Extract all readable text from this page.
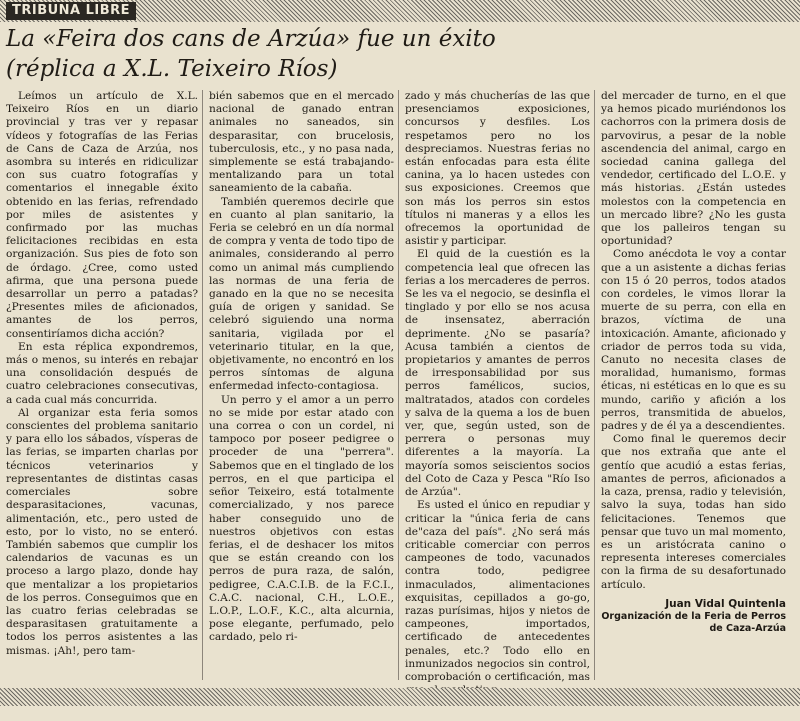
TRIBUNA LIBRE
La «Feira dos cans de Arzúa» fue un éxito
(réplica a X.L. Teixeiro Ríos)

Leímos un artículo de X.L. Teixeiro Ríos en un diario provincial y tras ver y repasar vídeos y fotografías de las Ferias de Cans de Caza de Arzúa, nos asombra su interés en ridiculizar con sus cuatro fotografías y comentarios el innegable éxito obtenido en las ferias, refrendado por miles de asistentes y confirmado por las muchas felicitaciones recibidas en esta organización. Sus pies de foto son de órdago. ¿Cree, como usted afirma, que una persona puede desarrollar un perro a patadas? ¿Presentes miles de aficionados, amantes de los perros, consentiríamos dicha acción?

En esta réplica expondremos, más o menos, su interés en rebajar una consolidación después de cuatro celebraciones consecutivas, a cada cual más concurrida.

Al organizar esta feria somos conscientes del problema sanitario y para ello los sábados, vísperas de las ferias, se imparten charlas por técnicos veterinarios y representantes de distintas casas comerciales sobre desparasitaciones, vacunas, alimentación, etc., pero usted de esto, por lo visto, no se enteró. También sabemos que cumplir los calendarios de vacunas es un proceso a largo plazo, donde hay que mentalizar a los propietarios de los perros. Conseguimos que en las cuatro ferias celebradas se desparasitasen gratuitamente a todos los perros asistentes a las mismas. ¡Ah!, pero tam-

bién sabemos que en el mercado nacional de ganado entran animales no saneados, sin desparasitar, con brucelosis, tuberculosis, etc., y no pasa nada, simplemente se está trabajando-mentalizando para un total saneamiento de la cabaña.

También queremos decirle que en cuanto al plan sanitario, la Feria se celebró en un día normal de compra y venta de todo tipo de animales, considerando al perro como un animal más cumpliendo las normas de una feria de ganado en la que no se necesita guía de origen y sanidad. Se celebró siguiendo una norma sanitaria, vigilada por el veterinario titular, en la que, objetivamente, no encontró en los perros síntomas de alguna enfermedad infecto-contagiosa.

Un perro y el amor a un perro no se mide por estar atado con una correa o con un cordel, ni tampoco por poseer pedigree o proceder de una "perrera". Sabemos que en el tinglado de los perros, en el que participa el señor Teixeiro, está totalmente comercializado, y nos parece haber conseguido uno de nuestros objetivos con estas ferias, el de deshacer los mitos que se están creando con los perros de pura raza, de salón, pedigree, C.A.C.I.B. de la F.C.I., C.A.C. nacional, C.H., L.O.E., L.O.P., L.O.F., K.C., alta alcurnia, pose elegante, perfumado, pelo cardado, pelo ri-

zado y más chucherías de las que presenciamos exposiciones, concursos y desfiles. Los respetamos pero no los despreciamos. Nuestras ferias no están enfocadas para esta élite canina, ya lo hacen ustedes con sus exposiciones. Creemos que son más los perros sin estos títulos ni maneras y a ellos les ofrecemos la oportunidad de asistir y participar.

El quid de la cuestión es la competencia leal que ofrecen las ferias a los mercaderes de perros. Se les va el negocio, se desinfla el tinglado y por ello se nos acusa de insensatez, aberración deprimente. ¿No se pasaría? Acusa también a cientos de propietarios y amantes de perros de irresponsabilidad por sus perros famélicos, sucios, maltratados, atados con cordeles y salva de la quema a los de buen ver, que, según usted, son de perrera o personas muy diferentes a la mayoría. La mayoría somos seiscientos socios del Coto de Caza y Pesca "Río Iso de Arzúa".

Es usted el único en repudiar y criticar la "única feria de cans de"caza del país". ¿No será más criticable comerciar con perros campeones de todo, vacunados contra todo, pedigree inmaculados, alimentaciones exquisitas, cepillados a go-go, razas purísimas, hijos y nietos de campeones, importados, certificado de antecedentes penales, etc.? Todo ello en inmunizados negocios sin control, comprobación o certificación, mas

del mercader de turno, en el que ya hemos picado muriéndonos los cachorros con la primera dosis de parvovirus, a pesar de la noble ascendencia del animal, cargo en sociedad canina gallega del vendedor, certificado del L.O.E. y más historias. ¿Están ustedes molestos con la competencia en un mercado libre? ¿No les gusta que los palleiros tengan su oportunidad?

Como anécdota le voy a contar que a un asistente a dichas ferias con 15 ó 20 perros, todos atados con cordeles, le vimos llorar la muerte de su perra, con ella en brazos, víctima de una intoxicación. Amante, aficionado y criador de perros toda su vida, Canuto no necesita clases de moralidad, humanismo, formas éticas, ni estéticas en lo que es su mundo, cariño y afición a los perros, transmitida de abuelos, padres y de él ya a descendientes.

Como final le queremos decir que nos extraña que ante el gentío que acudió a estas ferias, amantes de perros, aficionados a la caza, prensa, radio y televisión, salvo la suya, todas han sido felicitaciones. Tenemos que pensar que tuvo un mal momento, es un aristócrata canino o representa intereses comerciales con la firma de su desafortunado artículo.

Juan Vidal Quintenla
Organización de la Feria de Perros
de Caza-Arzúa
